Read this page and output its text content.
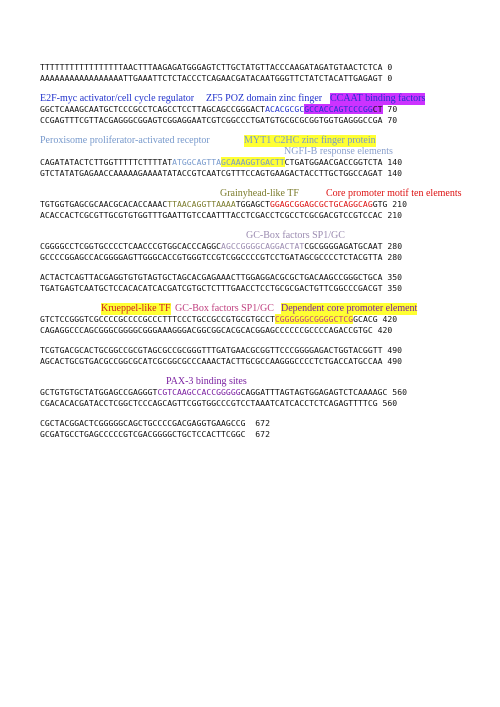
TTTTTTTTTTTTTTTTTAACTTTAAGAGATGGGAGTCTTGCTATGTTACCCAAGATAGATGTAACTCTCA 0
AAAAAAAAAAAAAAAAATTGAAATTCTCTACCCTCAGAACGATACAATGGGTTCTATCTACATTGAGAGT 0
E2F-myc activator/cell cycle regulator ZF5 POZ domain zinc finger CCAAT binding factors
GGCTCAAAGCAATGCTCCCGCCTCAGCCTCCTTAGCAGCCGGGACTACACGCGCGCCACCAGTCCCGGCT 70
CCGAGTTTCGTTACGAGGGCGGAGTCGGAGGAATCGTCGGCCCTGATGTGCGCGCGGTGGTGAGGGCCGA 70
Peroxisome proliferator-activated receptor	MYT1 C2HC zinc finger protein
NGFI-B response elements
CAGATATACTCTTGGTTTTTCTTTTATATGGCAGTTAGCAAAGGTGACTTCTGATGGAACGACCGGTCTA 140
GTCTATATGAGAACCAAAAAGAAAATATACCGTCAATCGTTTCCAGTGAAGACTACCTTGCTGGCCAGAT 140
Grainyhead-like TF	Core promoter motif ten elements
TGTGGTGAGCGCAACGCACACCAAACTTAACAGGTTAAAATGGAGCTGGAGCGGAGCGCTGCAGGCAGGTG 210
ACACCACTCGCGTTGCGTGTGGTTTGAATTGTCCAATTTACCTCGACCTCGCCTCGCGACGTCCGTCCAC 210
GC-Box factors SP1/GC
CGGGGCCTCGGTGCCCCTCAACCCGTGGCACCCAGGCAGCCGGGGCAGGACTATCGCGGGGAGATGCAAT 280
GCCCCGGAGCCACGGGGAGTTGGGCACCGTGGGTCCGTCGGCCCCGTCCTGATAGCGCCCCTCTACGTTA 280
ACTACTCAGTTACGAGGTGTGTAGTGCTAGCACGAGAAACTTGGAGGACGCGCTGACAAGCCGGGCTGCA 350
TGATGAGTCAATGCTCCACACATCACGATCGTGCTCTTTGAACCTCCTGCGCGACTGTTCGGCCCGACGT 350
Krueppel-like TF GC-Box factors SP1/GC Dependent core promoter element
GTCTCCGGGTCGCCCCGCCCCGCCCTTTCCCTGCCGCCGTGCGTGCCTCGGGGGGCGGGGCTCGGCACG 420
CAGAGGCCCAGCGGGCGGGGCGGGAAAGGGACGGCGGCACGCACGGAGCCCCCCGCCCCAGACCGTGC 420
TCGTGACGCACTGCGGCCGCGTAGCGCCGCGGGTTTGATGAACGCGGTTCCCGGGGAGACTGGTACGGTT 490
AGCACTGCGTGACGCCGGCGCATCGCGGCGCCCAAACTACTTGCGCCAAGGGCCCCTCTGACCATGCCAA 490
PAX-3 binding sites
GCTGTGTGCTATGGAGCCGAGGGTCGTCAAGCCACCGGGGGCAGGATTTAGTAGTGGAGAGTCTCAAAAGC 560
CGACACACGATACCTCGGCTCCCAGCAGTTCGGTGGCCCGTCCTAAATCATCACCTCTCAGAGTTTTCG 560
CGCTACGGACTCGGGGGCAGCTGCCCCGACGAGGTGAAGCCG  672
GCGATGCCTGAGCCCCCGTCGACGGGGCTGCTCCACTTCGGC  672
